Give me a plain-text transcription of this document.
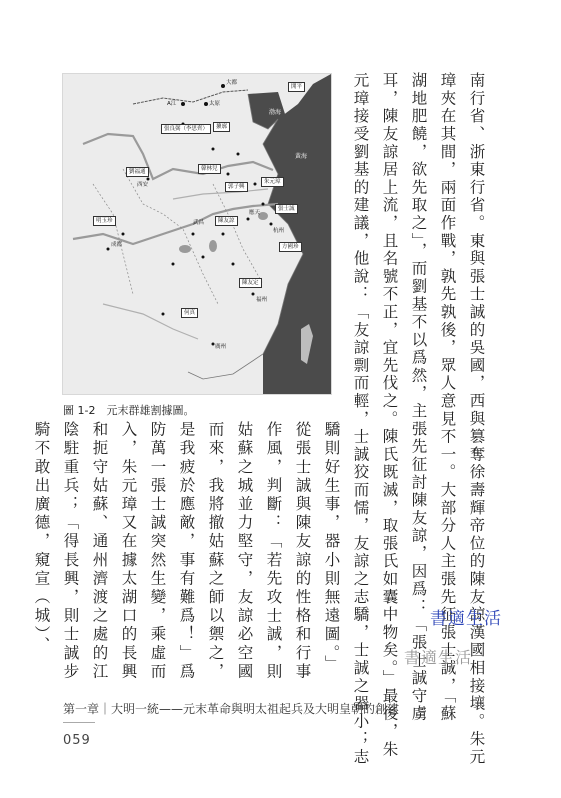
大都
開平
A江	太原
渤海
張良弼（李思齊）	擴廓
黃海
劉福通
西安
韓林兒
郭子興
朱元璋
張士誠
應天
杭州
陳友諒
武昌
明玉珍
成都	方國珍
陳友定
福州
何真
廣州
圖 1-2　元末群雄割據圖。	南行省、浙東行省。東與張士誠的吳國，西與篡奪徐壽輝帝位的陳友諒漢國相接壤。朱元
璋夾在其間，兩面作戰，孰先孰後，眾人意見不一。大部分人主張先征張士誠，「蘇
湖地肥饒，欲先取之」，而劉基不以爲然，主張先征討陳友諒，因爲：「張士誠守虜
耳，陳友諒居上流，且名號不正，宜先伐之。陳氏既滅，取張氏如囊中物矣。」最後，朱
元璋接受劉基的建議，他說：「友諒剽而輕，士誠狡而懦，友諒之志驕，士誠之器小；志
驕則好生事，器小則無遠圖。」
從張士誠與陳友諒的性格和行事
作風，判斷：「若先攻士誠，則
姑蘇之城並力堅守，友諒必空國
而來，我將撤姑蘇之師以禦之，
是我疲於應敵，事有難爲！」爲
防萬一張士誠突然生變，乘虛而
入，朱元璋又在據太湖口的長興
和扼守姑蘇、通州濟渡之處的江
陰駐重兵；「得長興，則士誠步
騎不敢出廣德，窺宣（城）、	書適生活
書適生活
第一章｜大明一統——元末革命與明太祖起兵及大明皇朝的創建
059
